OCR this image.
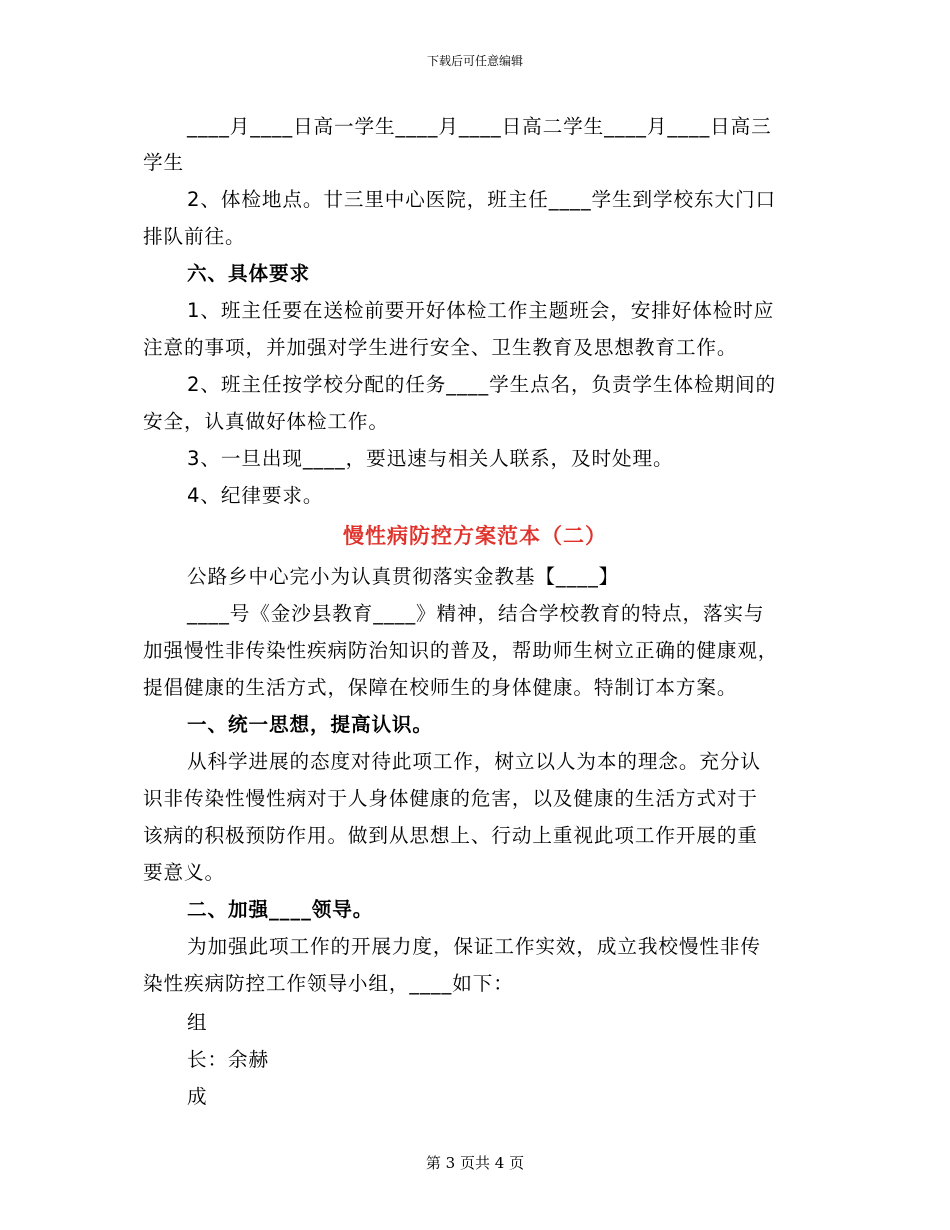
下载后可任意编辑
____月____日高一学生____月____日高二学生____月____日高三
学生
2、体检地点。廿三里中心医院，班主任____学生到学校东大门口
排队前往。
六、具体要求
1、班主任要在送检前要开好体检工作主题班会，安排好体检时应
注意的事项，并加强对学生进行安全、卫生教育及思想教育工作。
2、班主任按学校分配的任务____学生点名，负责学生体检期间的
安全，认真做好体检工作。
3、一旦出现____，要迅速与相关人联系，及时处理。
4、纪律要求。
慢性病防控方案范本（二）
公路乡中心完小为认真贯彻落实金教基【____】
____号《金沙县教育____》精神，结合学校教育的特点，落实与
加强慢性非传染性疾病防治知识的普及，帮助师生树立正确的健康观，
提倡健康的生活方式，保障在校师生的身体健康。特制订本方案。
一、统一思想，提高认识。
从科学进展的态度对待此项工作，树立以人为本的理念。充分认
识非传染性慢性病对于人身体健康的危害，以及健康的生活方式对于
该病的积极预防作用。做到从思想上、行动上重视此项工作开展的重
要意义。
二、加强____领导。
为加强此项工作的开展力度，保证工作实效，成立我校慢性非传
染性疾病防控工作领导小组，____如下：
组
长：余赫
成
第 3 页共 4 页
